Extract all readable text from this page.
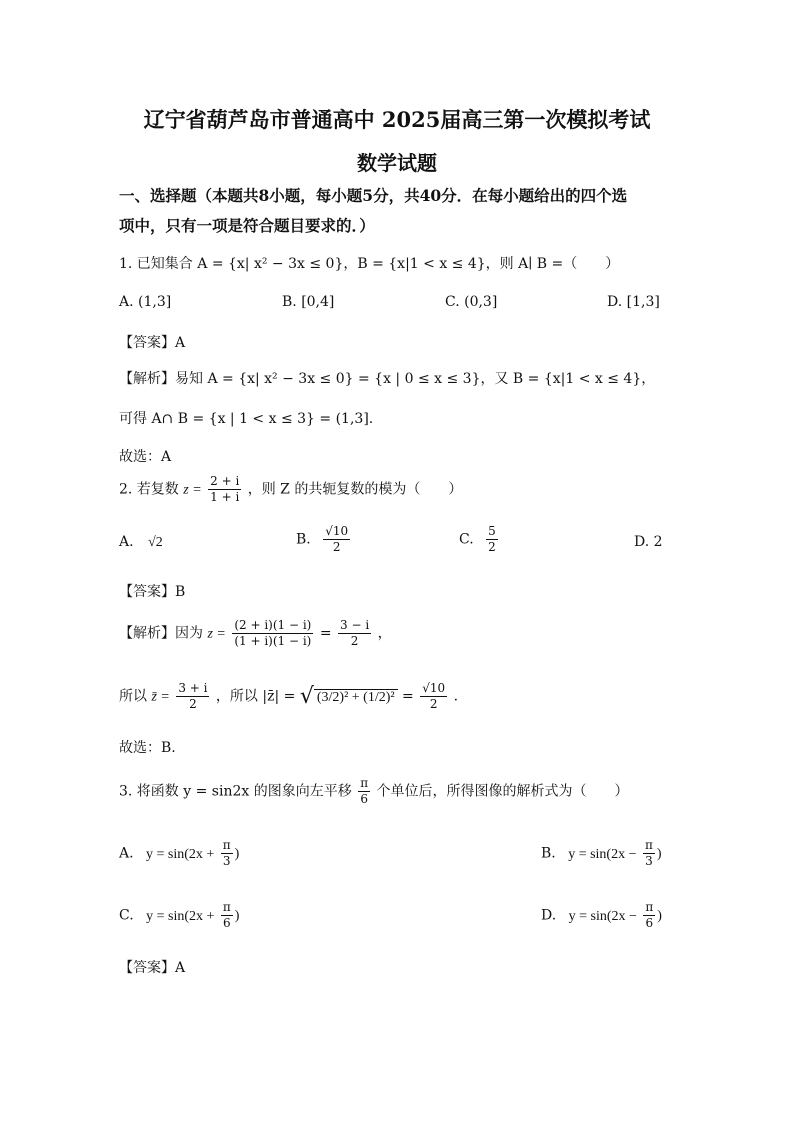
辽宁省葫芦岛市普通高中 2025届高三第一次模拟考试
数学试题
一、选择题（本题共8小题，每小题5分，共40分．在每小题给出的四个选
项中，只有一项是符合题目要求的．）
1. 已知集合 A = {x| x² − 3x ≤ 0}，B = {x|1 < x ≤ 4}，则 A∣ B =（　　）
A. (1,3]	B. [0,4]	C. (0,3]	D. [1,3]
【答案】A
【解析】易知 A = {x| x² − 3x ≤ 0} = {x | 0 ≤ x ≤ 3}，又 B = {x|1 < x ≤ 4}，
可得 A∩ B = {x | 1 < x ≤ 3} = (1,3].
故选：A
2. 若复数 $z = \frac{2 + i}{1 + i}$ ，则 Z 的共轭复数的模为（　　）
A. √2	B. $\frac{√10}{2}$	C. $\frac{5}{2}$	D. 2
【答案】B
【解析】因为 $z = \frac{(2 + i)(1 - i)}{(1 + i)(1 - i)} = \frac{3 - i}{2}$ ，
所以 z̄ = $\frac{3 + i}{2}$ ，所以 |z̄| = √ $(3/2)^2 + (1/2)^2 = \frac{√10}{2}$ .
故选：B.
3. 将函数 y = sin2x 的图象向左平移 $\frac{\pi}{6}$ 个单位后，所得图像的解析式为（　　）
A. $y = \sin(2x + \frac{\pi}{3}$ )	B. $y = \sin(2x - \frac{\pi}{3}$ )
C. $y = \sin(2x + \frac{\pi}{6}$ )	D. $y = \sin(2x - \frac{\pi}{6}$ )
【答案】A
